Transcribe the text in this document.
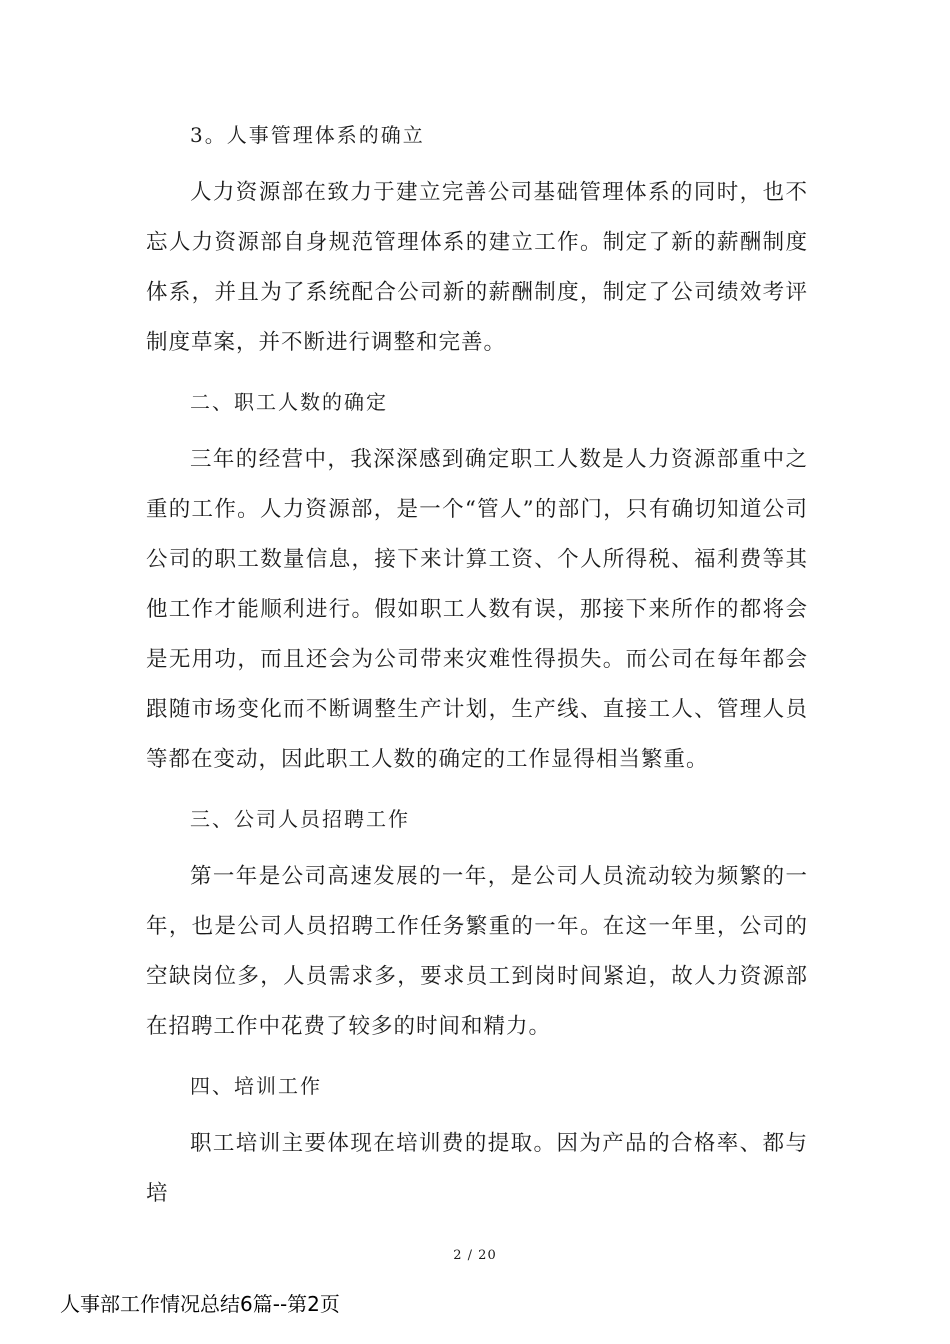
3。人事管理体系的确立
人力资源部在致力于建立完善公司基础管理体系的同时，也不忘人力资源部自身规范管理体系的建立工作。制定了新的薪酬制度体系，并且为了系统配合公司新的薪酬制度，制定了公司绩效考评制度草案，并不断进行调整和完善。
二、职工人数的确定
三年的经营中，我深深感到确定职工人数是人力资源部重中之重的工作。人力资源部，是一个“管人”的部门，只有确切知道公司公司的职工数量信息，接下来计算工资、个人所得税、福利费等其他工作才能顺利进行。假如职工人数有误，那接下来所作的都将会是无用功，而且还会为公司带来灾难性得损失。而公司在每年都会跟随市场变化而不断调整生产计划，生产线、直接工人、管理人员等都在变动，因此职工人数的确定的工作显得相当繁重。
三、公司人员招聘工作
第一年是公司高速发展的一年，是公司人员流动较为频繁的一年，也是公司人员招聘工作任务繁重的一年。在这一年里，公司的空缺岗位多，人员需求多，要求员工到岗时间紧迫，故人力资源部在招聘工作中花费了较多的时间和精力。
四、培训工作
职工培训主要体现在培训费的提取。因为产品的合格率、都与培
2 / 20
人事部工作情况总结6篇--第2页
